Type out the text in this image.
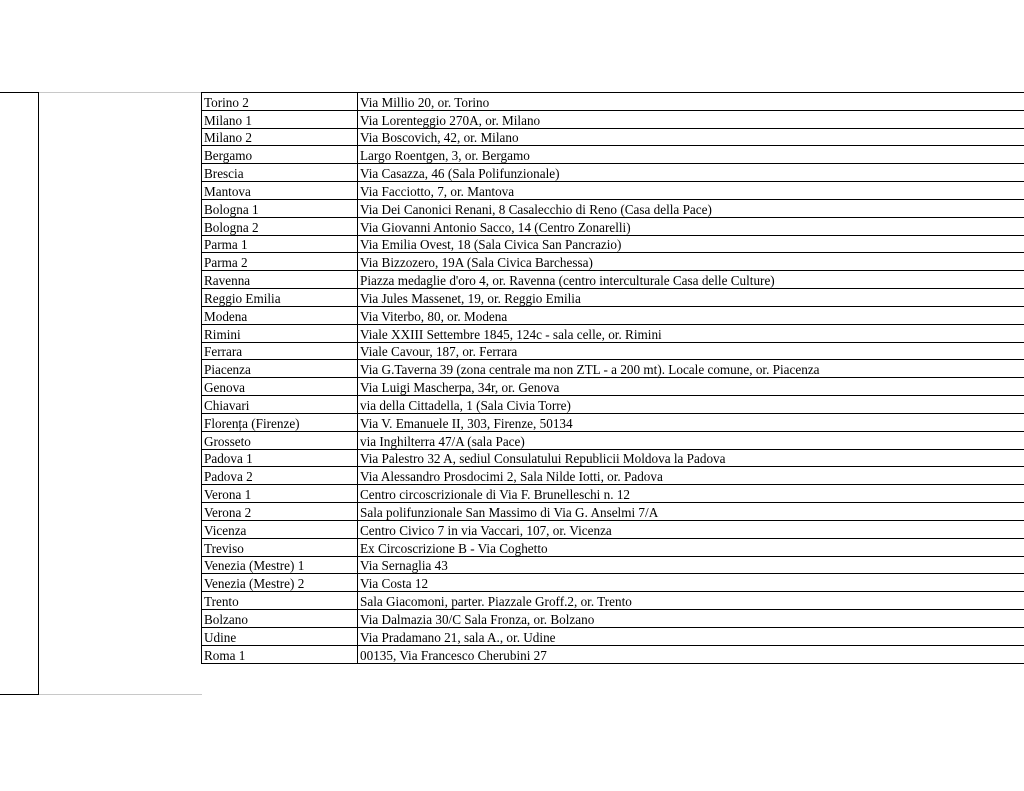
Torino 2	Via Millio 20, or. Torino
Milano 1	Via Lorenteggio 270A, or. Milano
Milano 2	Via Boscovich, 42, or. Milano
Bergamo	Largo Roentgen, 3, or. Bergamo
Brescia	Via Casazza, 46 (Sala Polifunzionale)
Mantova	Via Facciotto, 7, or. Mantova
Bologna 1	Via Dei Canonici Renani, 8 Casalecchio di Reno (Casa della Pace)
Bologna 2	Via Giovanni Antonio Sacco, 14 (Centro Zonarelli)
Parma 1	Via Emilia Ovest, 18 (Sala Civica San Pancrazio)
Parma 2	Via Bizzozero, 19A (Sala Civica Barchessa)
Ravenna	Piazza medaglie d'oro 4, or. Ravenna (centro interculturale Casa delle Culture)
Reggio Emilia	Via Jules Massenet, 19, or. Reggio Emilia
Modena	Via Viterbo, 80, or. Modena
Rimini	Viale XXIII Settembre 1845, 124c - sala celle, or. Rimini
Ferrara	Viale Cavour, 187, or. Ferrara
Piacenza	Via G.Taverna 39 (zona centrale ma non ZTL - a 200 mt). Locale comune, or. Piacenza
Genova	Via Luigi Mascherpa, 34r, or. Genova
Chiavari	via della Cittadella, 1 (Sala Civia Torre)
Florența (Firenze)	Via V. Emanuele II, 303, Firenze, 50134
Grosseto	via Inghilterra 47/A (sala Pace)
Padova 1	Via Palestro 32 A, sediul Consulatului Republicii Moldova la Padova
Padova 2	Via Alessandro Prosdocimi 2, Sala Nilde Iotti, or. Padova
Verona 1	Centro circoscrizionale di Via F. Brunelleschi n. 12
Verona 2	Sala polifunzionale San Massimo di Via G. Anselmi 7/A
Vicenza	Centro Civico 7 in via Vaccari, 107, or. Vicenza
Treviso	Ex Circoscrizione B - Via Coghetto
Venezia (Mestre) 1	Via Sernaglia 43
Venezia (Mestre) 2	Via Costa 12
Trento	Sala Giacomoni, parter. Piazzale Groff.2, or. Trento
Bolzano	Via Dalmazia 30/C Sala Fronza, or. Bolzano
Udine	Via Pradamano 21, sala A., or. Udine
Roma 1	00135, Via Francesco Cherubini 27
